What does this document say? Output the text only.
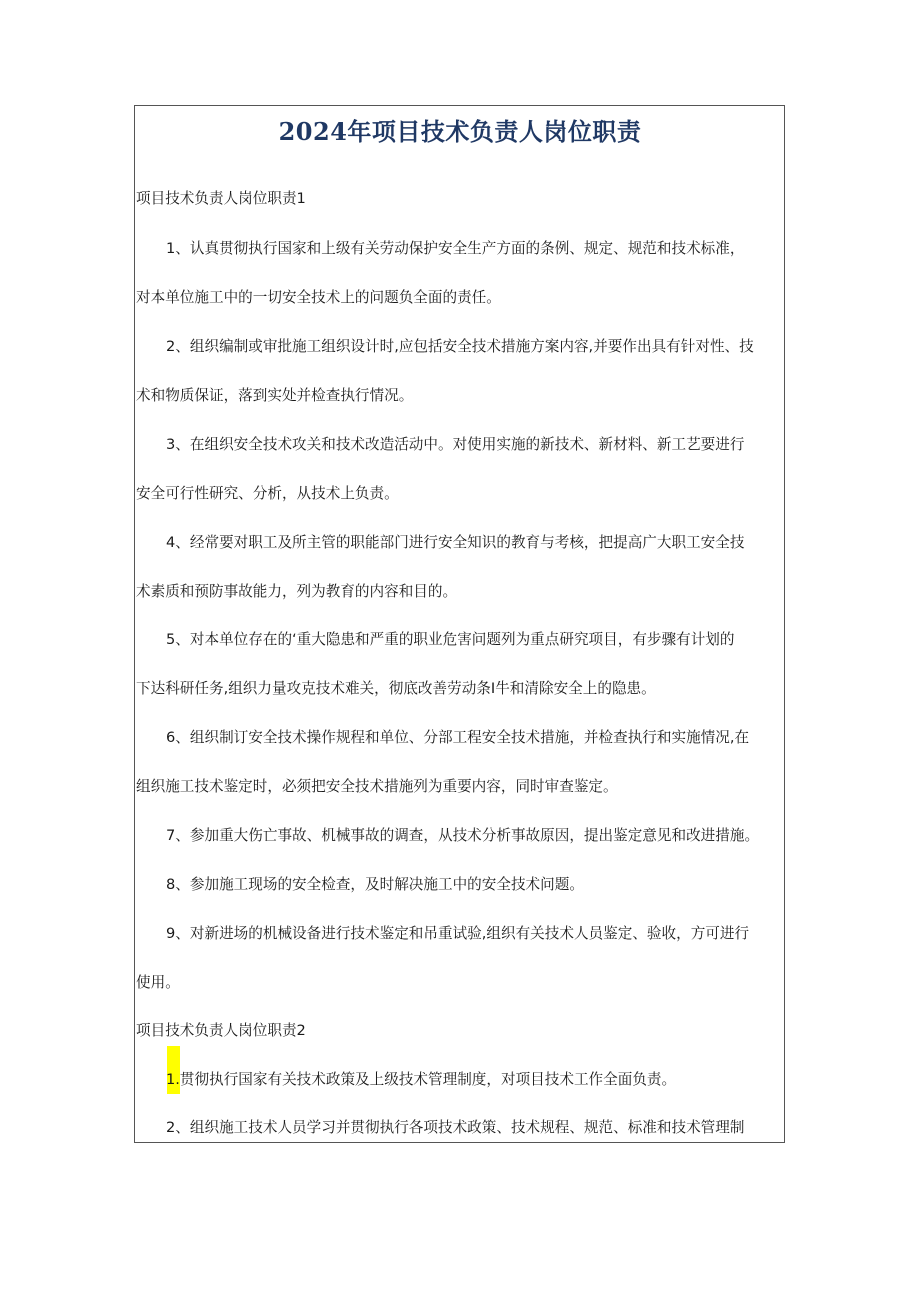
2024年项目技术负责人岗位职责

项目技术负责人岗位职责1

1、认真贯彻执行国家和上级有关劳动保护安全生产方面的条例、规定、规范和技术标准，

对本单位施工中的一切安全技术上的问题负全面的责任。

2、组织编制或审批施工组织设计时,应包括安全技术措施方案内容,并要作出具有针对性、技

术和物质保证，落到实处并检查执行情况。

3、在组织安全技术攻关和技术改造活动中。对使用实施的新技术、新材料、新工艺要进行

安全可行性研究、分析，从技术上负责。

4、经常要对职工及所主管的职能部门进行安全知识的教育与考核，把提高广大职工安全技

术素质和预防事故能力，列为教育的内容和目的。

5、对本单位存在的‘重大隐患和严重的职业危害问题列为重点研究项目，有步骤有计划的

下达科研任务,组织力量攻克技术难关，彻底改善劳动条I牛和清除安全上的隐患。

6、组织制订安全技术操作规程和单位、分部工程安全技术措施，并检查执行和实施情况,在

组织施工技术鉴定时，必须把安全技术措施列为重要内容，同时审查鉴定。

7、参加重大伤亡事故、机械事故的调查，从技术分析事故原因，提出鉴定意见和改进措施。

8、参加施工现场的安全检查，及时解决施工中的安全技术问题。

9、对新进场的机械设备进行技术鉴定和吊重试验,组织有关技术人员鉴定、验收，方可进行

使用。

项目技术负责人岗位职责2

1.贯彻执行国家有关技术政策及上级技术管理制度，对项目技术工作全面负责。

2、组织施工技术人员学习并贯彻执行各项技术政策、技术规程、规范、标准和技术管理制
